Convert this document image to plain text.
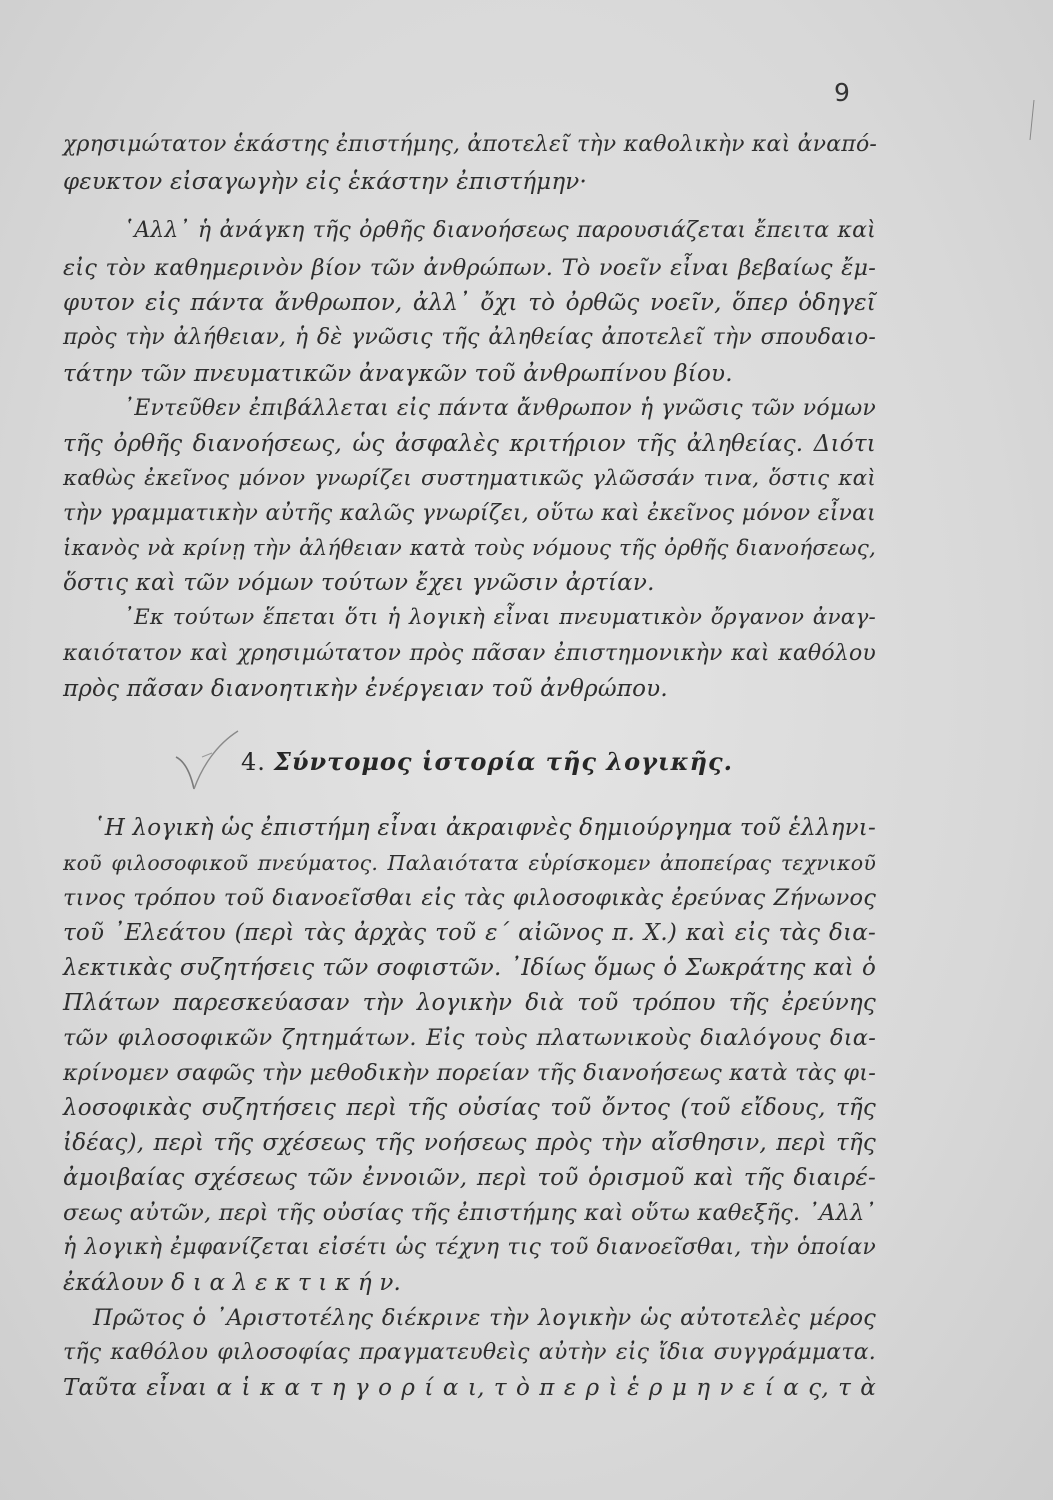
9
χρησιμώτατον ἑκάστης ἐπιστήμης, ἀποτελεῖ τὴν καθολικὴν καὶ ἀναπό-
φευκτον εἰσαγωγὴν εἰς ἑκάστην ἐπιστήμην·
῾Αλλ᾽ ἡ ἀνάγκη τῆς ὀρθῆς διανοήσεως παρουσιάζεται ἔπειτα καὶ
εἰς τὸν καθημερινὸν βίον τῶν ἀνθρώπων. Τὸ νοεῖν εἶναι βεβαίως ἔμ-
φυτον εἰς πάντα ἄνθρωπον, ἀλλ᾽ ὄχι τὸ ὀρθῶς νοεῖν, ὅπερ ὁδηγεῖ
πρὸς τὴν ἀλήθειαν, ἡ δὲ γνῶσις τῆς ἀληθείας ἀποτελεῖ τὴν σπουδαιο-
τάτην τῶν πνευματικῶν ἀναγκῶν τοῦ ἀνθρωπίνου βίου.
᾽Εντεῦθεν ἐπιβάλλεται εἰς πάντα ἄνθρωπον ἡ γνῶσις τῶν νόμων
τῆς ὀρθῆς διανοήσεως, ὡς ἀσφαλὲς κριτήριον τῆς ἀληθείας. Διότι
καθὼς ἐκεῖνος μόνον γνωρίζει συστηματικῶς γλῶσσάν τινα, ὅστις καὶ
τὴν γραμματικὴν αὐτῆς καλῶς γνωρίζει, οὕτω καὶ ἐκεῖνος μόνον εἶναι
ἱκανὸς νὰ κρίνῃ τὴν ἀλήθειαν κατὰ τοὺς νόμους τῆς ὀρθῆς διανοήσεως,
ὅστις καὶ τῶν νόμων τούτων ἔχει γνῶσιν ἀρτίαν.
᾽Εκ τούτων ἕπεται ὅτι ἡ λογικὴ εἶναι πνευματικὸν ὄργανον ἀναγ-
καιότατον καὶ χρησιμώτατον πρὸς πᾶσαν ἐπιστημονικὴν καὶ καθόλου
πρὸς πᾶσαν διανοητικὴν ἐνέργειαν τοῦ ἀνθρώπου.
4. Σύντομος ἱστορία τῆς λογικῆς.
῾Η λογικὴ ὡς ἐπιστήμη εἶναι ἀκραιφνὲς δημιούργημα τοῦ ἑλληνι-
κοῦ φιλοσοφικοῦ πνεύματος. Παλαιότατα εὑρίσκομεν ἀποπείρας τεχνικοῦ
τινος τρόπου τοῦ διανοεῖσθαι εἰς τὰς φιλοσοφικὰς ἐρεύνας Ζήνωνος
τοῦ ᾽Ελεάτου (περὶ τὰς ἀρχὰς τοῦ ε´ αἰῶνος π. Χ.) καὶ εἰς τὰς δια-
λεκτικὰς συζητήσεις τῶν σοφιστῶν. ᾽Ιδίως ὅμως ὁ Σωκράτης καὶ ὁ
Πλάτων παρεσκεύασαν τὴν λογικὴν διὰ τοῦ τρόπου τῆς ἐρεύνης
τῶν φιλοσοφικῶν ζητημάτων. Εἰς τοὺς πλατωνικοὺς διαλόγους δια-
κρίνομεν σαφῶς τὴν μεθοδικὴν πορείαν τῆς διανοήσεως κατὰ τὰς φι-
λοσοφικὰς συζητήσεις περὶ τῆς οὐσίας τοῦ ὄντος (τοῦ εἴδους, τῆς
ἰδέας), περὶ τῆς σχέσεως τῆς νοήσεως πρὸς τὴν αἴσθησιν, περὶ τῆς
ἀμοιβαίας σχέσεως τῶν ἐννοιῶν, περὶ τοῦ ὁρισμοῦ καὶ τῆς διαιρέ-
σεως αὐτῶν, περὶ τῆς οὐσίας τῆς ἐπιστήμης καὶ οὕτω καθεξῆς. ᾽Αλλ᾽
ἡ λογικὴ ἐμφανίζεται εἰσέτι ὡς τέχνη τις τοῦ διανοεῖσθαι, τὴν ὁποίαν
ἐκάλουν δ ι α λ ε κ τ ι κ ή ν.
Πρῶτος ὁ ᾽Αριστοτέλης διέκρινε τὴν λογικὴν ὡς αὐτοτελὲς μέρος
τῆς καθόλου φιλοσοφίας πραγματευθεὶς αὐτὴν εἰς ἴδια συγγράμματα.
Ταῦτα εἶναι α ἱ κ α τ η γ ο ρ ί α ι, τ ὸ π ε ρ ὶ ἑ ρ μ η ν ε ί α ς, τ ὰ
